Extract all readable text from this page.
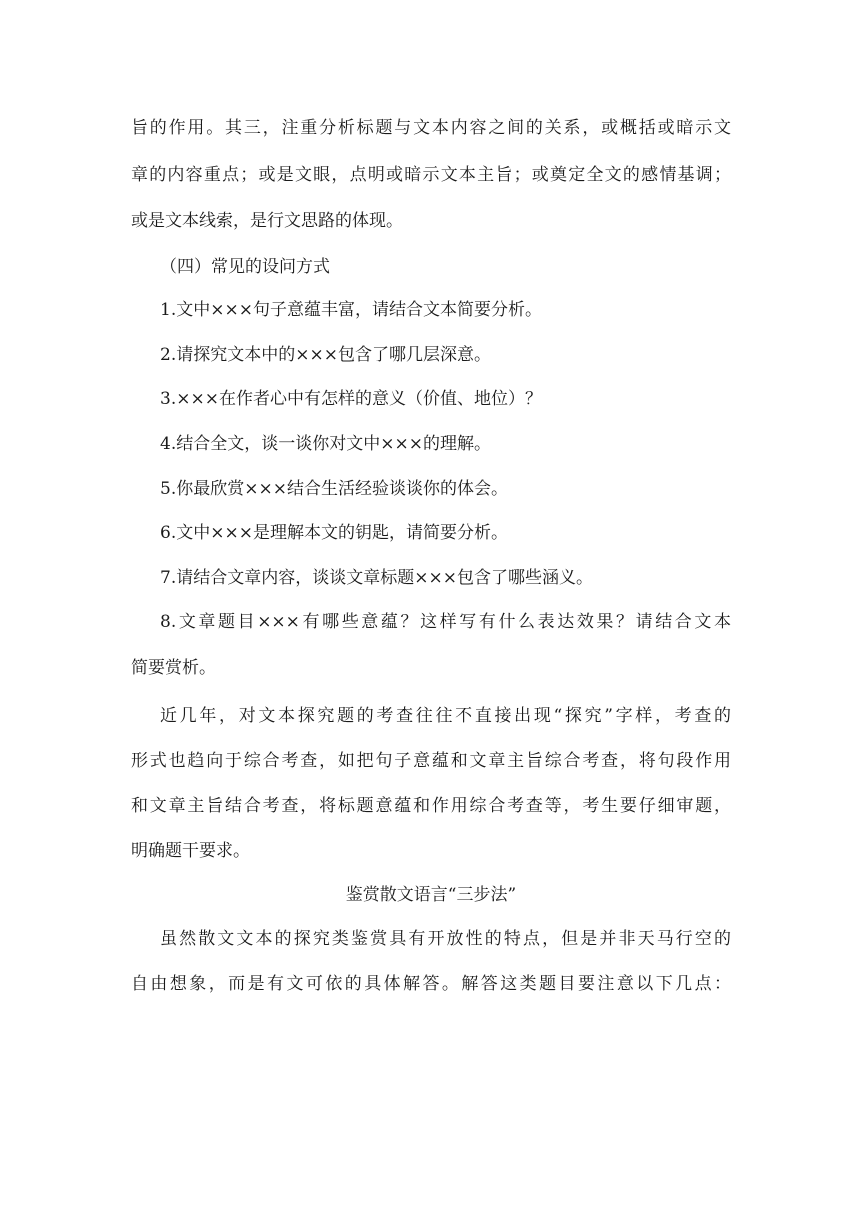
旨的作用。其三，注重分析标题与文本内容之间的关系，或概括或暗示文
章的内容重点；或是文眼，点明或暗示文本主旨；或奠定全文的感情基调；
或是文本线索，是行文思路的体现。
（四）常见的设问方式
1.文中×××句子意蕴丰富，请结合文本简要分析。
2.请探究文本中的×××包含了哪几层深意。
3.×××在作者心中有怎样的意义（价值、地位）？
4.结合全文，谈一谈你对文中×××的理解。
5.你最欣赏×××结合生活经验谈谈你的体会。
6.文中×××是理解本文的钥匙，请简要分析。
7.请结合文章内容，谈谈文章标题×××包含了哪些涵义。
8.文章题目×××有哪些意蕴？这样写有什么表达效果？请结合文本
简要赏析。
近几年，对文本探究题的考查往往不直接出现“探究”字样，考查的
形式也趋向于综合考查，如把句子意蕴和文章主旨综合考查，将句段作用
和文章主旨结合考查，将标题意蕴和作用综合考查等，考生要仔细审题，
明确题干要求。
鉴赏散文语言“三步法”
虽然散文文本的探究类鉴赏具有开放性的特点，但是并非天马行空的
自由想象，而是有文可依的具体解答。解答这类题目要注意以下几点：
